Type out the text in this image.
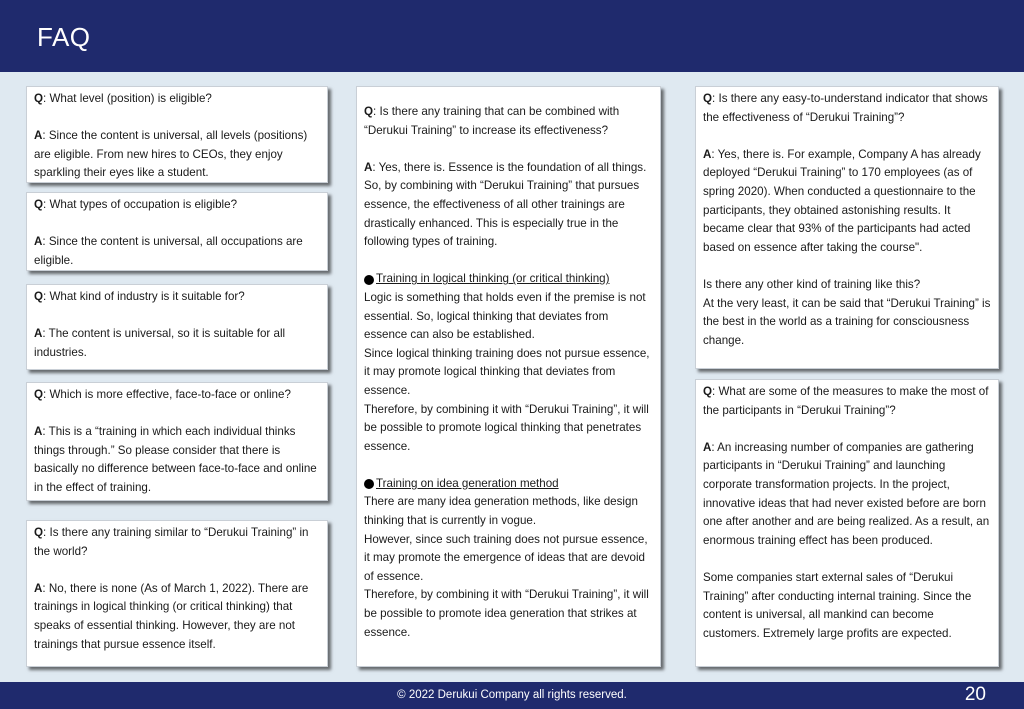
FAQ

Q: What level (position) is eligible?

A: Since the content is universal, all levels (positions) are eligible. From new hires to CEOs, they enjoy sparkling their eyes like a student.

Q: What types of occupation is eligible?

A: Since the content is universal, all occupations are eligible.

Q: What kind of industry is it suitable for?

A: The content is universal, so it is suitable for all industries.

Q: Which is more effective, face-to-face or online?

A: This is a “training in which each individual thinks things through.” So please consider that there is basically no difference between face-to-face and online in the effect of training.

Q: Is there any training similar to “Derukui Training” in the world?

A: No, there is none (As of March 1, 2022). There are trainings in logical thinking (or critical thinking) that speaks of essential thinking. However, they are not trainings that pursue essence itself.

Q: Is there any training that can be combined with “Derukui Training” to increase its effectiveness?

A: Yes, there is. Essence is the foundation of all things. So, by combining with “Derukui Training” that pursues essence, the effectiveness of all other trainings are drastically enhanced. This is especially true in the following types of training.

Training in logical thinking (or critical thinking)

Logic is something that holds even if the premise is not essential. So, logical thinking that deviates from essence can also be established.

Since logical thinking training does not pursue essence, it may promote logical thinking that deviates from essence.

Therefore, by combining it with “Derukui Training”, it will be possible to promote logical thinking that penetrates essence.

Training on idea generation method

There are many idea generation methods, like design thinking that is currently in vogue.

However, since such training does not pursue essence, it may promote the emergence of ideas that are devoid of essence.

Therefore, by combining it with “Derukui Training”, it will be possible to promote idea generation that strikes at essence.

Q: Is there any easy-to-understand indicator that shows the effectiveness of “Derukui Training”?

A: Yes, there is. For example, Company A has already deployed “Derukui Training” to 170 employees (as of spring 2020). When conducted a questionnaire to the participants, they obtained astonishing results. It became clear that 93% of the participants had acted based on essence after taking the course".

Is there any other kind of training like this?

At the very least, it can be said that “Derukui Training” is the best in the world as a training for consciousness change.

Q: What are some of the measures to make the most of the participants in “Derukui Training”?

A: An increasing number of companies are gathering participants in “Derukui Training” and launching corporate transformation projects. In the project, innovative ideas that had never existed before are born one after another and are being realized. As a result, an enormous training effect has been produced.

Some companies start external sales of “Derukui Training” after conducting internal training. Since the content is universal, all mankind can become customers. Extremely large profits are expected.

© 2022 Derukui Company all rights reserved.	20
